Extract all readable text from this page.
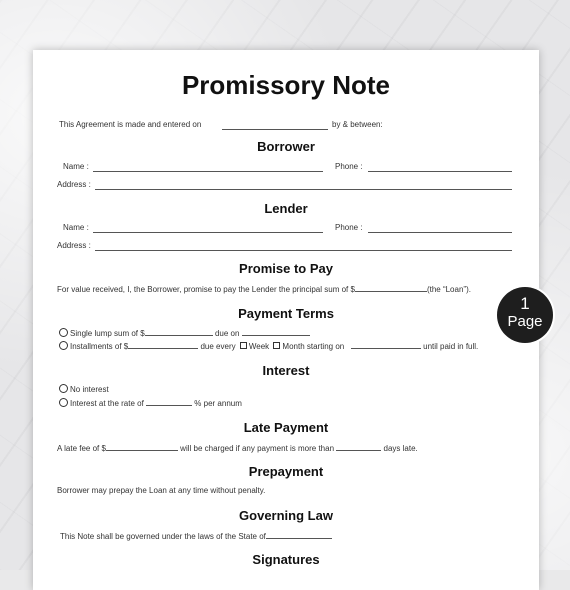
Promissory Note
This Agreement is made and entered on	by & between:
Borrower
Name :	Phone :
Address :
Lender
Name :	Phone :
Address :
Promise to Pay
For value received, I, the Borrower, promise to pay the Lender the principal sum of $	(the “Loan”).
Payment Terms
Single lump sum of $	due on
Installments of $	due every Week Month starting on	until paid in full.
Interest
No interest
Interest at the rate of	% per annum
Late Payment
A late fee of $	will be charged if any payment is more than	days late.
Prepayment
Borrower may prepay the Loan at any time without penalty.
Governing Law
This Note shall be governed under the laws of the State of
Signatures
1
Page
